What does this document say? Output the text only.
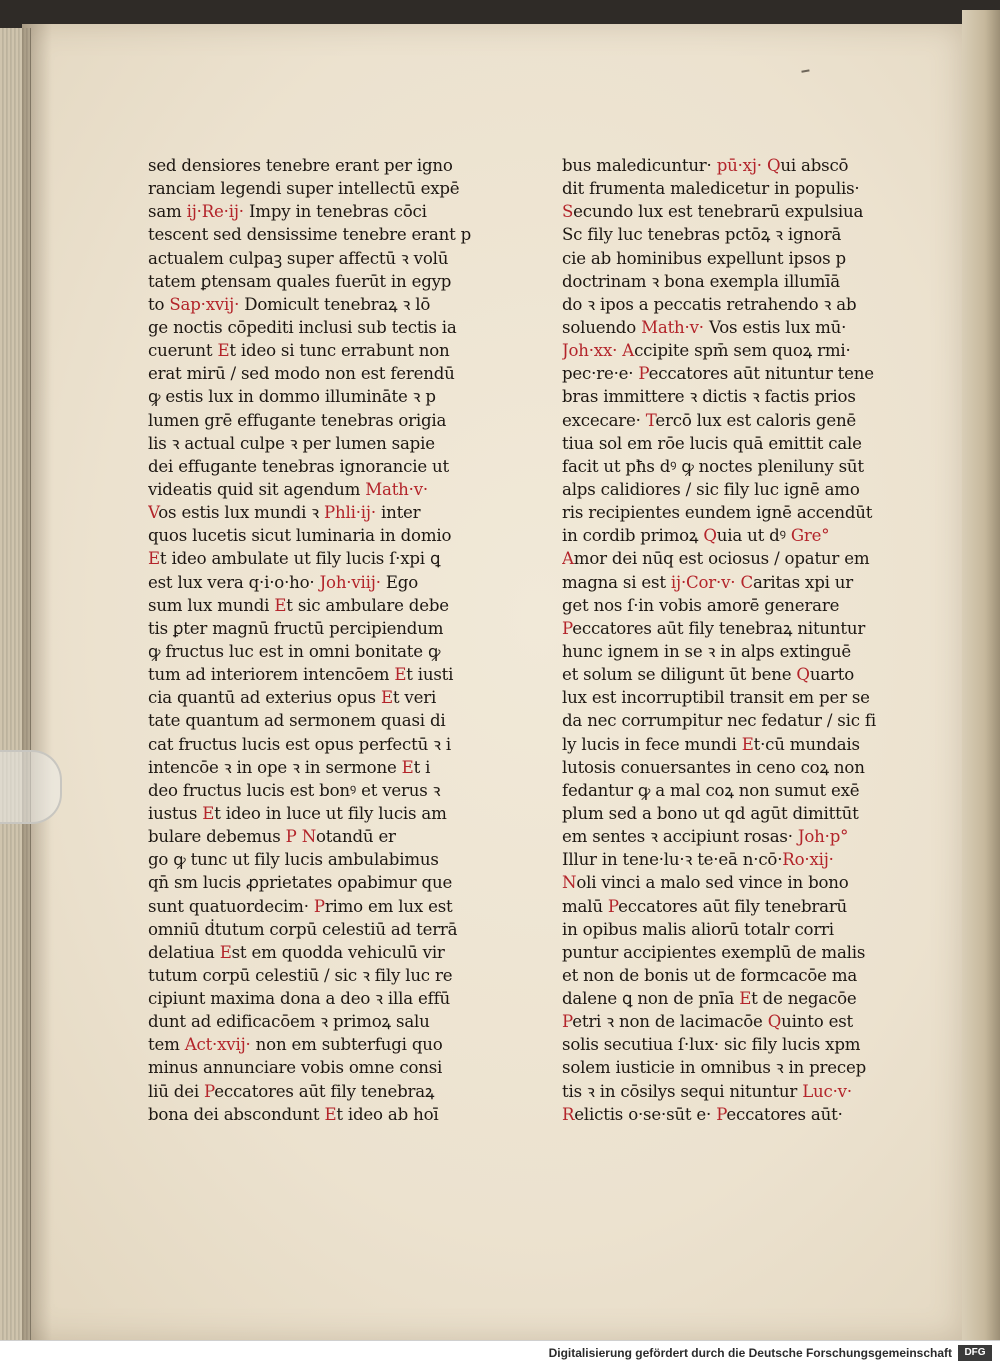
sed densiores tenebre erant per igno
ranciam legendi super intellectū expē
sam ij·Re·ij· Impy in tenebras cōci
tescent sed densissime tenebre erant p
actualem culpaꝫ super affectū ꝛ volū
tatem ꝑtensam quales fuerūt in egyp
to Sap·xvij· Domicult tenebraꝝ ꝛ lō
ge noctis cōpediti inclusi sub tectis ia
cuerunt Et ideo si tunc errabunt non
erat mirū / sed modo non est ferendū
ꝙ estis lux in dommo illumināte ꝛ p
lumen grē effugante tenebras origia
lis ꝛ actual culpe ꝛ per lumen sapie
dei effugante tenebras ignorancie ut
videatis quid sit agendum Math·v·
Vos estis lux mundi ꝛ Phli·ij· inter
quos lucetis sicut luminaria in domio
Et ideo ambulate ut fily lucis ſ·xpi ꝗ
est lux vera q·i·o·ho· Joh·viij· Ego
sum lux mundi Et sic ambulare debe
tis ꝑter magnū fructū percipiendum
ꝙ fructus luc est in omni bonitate ꝙ
tum ad interiorem intencōem Et iusti
cia quantū ad exterius opus Et veri
tate quantum ad sermonem quasi di
cat fructus lucis est opus perfectū ꝛ i
intencōe ꝛ in ope ꝛ in sermone Et i
deo fructus lucis est bonꝰ et verus ꝛ
iustus Et ideo in luce ut fily lucis am
bulare debemus P Notandū er
go ꝙ tunc ut fily lucis ambulabimus
qn̄ sm lucis ꝓprietates opabimur que
sunt quatuordecim· Primo em lux est
omniū ḋtutum corpū celestiū ad terrā
delatiua Est em quodda vehiculū vir
tutum corpū celestiū / sic ꝛ fily luc re
cipiunt maxima dona a deo ꝛ illa effū
dunt ad edificacōem ꝛ primoꝝ salu
tem Act·xvij· non em subterfugi quo
minus annunciare vobis omne consi
liū dei Peccatores aūt fily tenebraꝝ
bona dei abscondunt Et ideo ab hoī
bus maledicuntur· pū·xj· Qui abscō
dit frumenta maledicetur in populis·
Secundo lux est tenebrarū expulsiua
Sc fily luc tenebras pctōꝝ ꝛ ignorā
cie ab hominibus expellunt ipsos p
doctrinam ꝛ bona exempla illumīā
do ꝛ ipos a peccatis retrahendo ꝛ ab
soluendo Math·v· Vos estis lux mū·
Joh·xx· Accipite spm̄ sem quoꝝ rmi·
pec·re·e· Peccatores aūt nituntur tene
bras immittere ꝛ dictis ꝛ factis prios
excecare· Tercō lux est caloris genē
tiua sol em rōe lucis quā emittit cale
facit ut pħs dꝰ ꝙ noctes pleniluny sūt
alps calidiores / sic fily luc ignē amo
ris recipientes eundem ignē accendūt
in cordib primoꝝ Quia ut dꝰ Gre°
Amor dei nūq est ociosus / opatur em
magna si est ij·Cor·v· Caritas xpi ur
get nos ſ·in vobis amorē generare
Peccatores aūt fily tenebraꝝ nituntur
hunc ignem in se ꝛ in alps extinguē
et solum se diligunt ūt bene Quarto
lux est incorruptibil transit em per se
da nec corrumpitur nec fedatur / sic fi
ly lucis in fece mundi Et·cū mundais
lutosis conuersantes in ceno coꝝ non
fedantur ꝙ a mal coꝝ non sumut exē
plum sed a bono ut qd agūt dimittūt
em sentes ꝛ accipiunt rosas· Joh·p°
Illur in tene·lu·ꝛ te·eā n·cō·Ro·xij·
Noli vinci a malo sed vince in bono
malū Peccatores aūt fily tenebrarū
in opibus malis aliorū totalr corri
puntur accipientes exemplū de malis
et non de bonis ut de formcacōe ma
dalene ꝗ non de pnīa Et de negacōe
Petri ꝛ non de lacimacōe Quinto est
solis secutiua ſ·lux· sic fily lucis xpm
solem iusticie in omnibus ꝛ in precep
tis ꝛ in cōsilys sequi nituntur Luc·v·
Relictis o·se·sūt e· Peccatores aūt·
Digitalisierung gefördert durch die Deutsche Forschungsgemeinschaft	DFG
